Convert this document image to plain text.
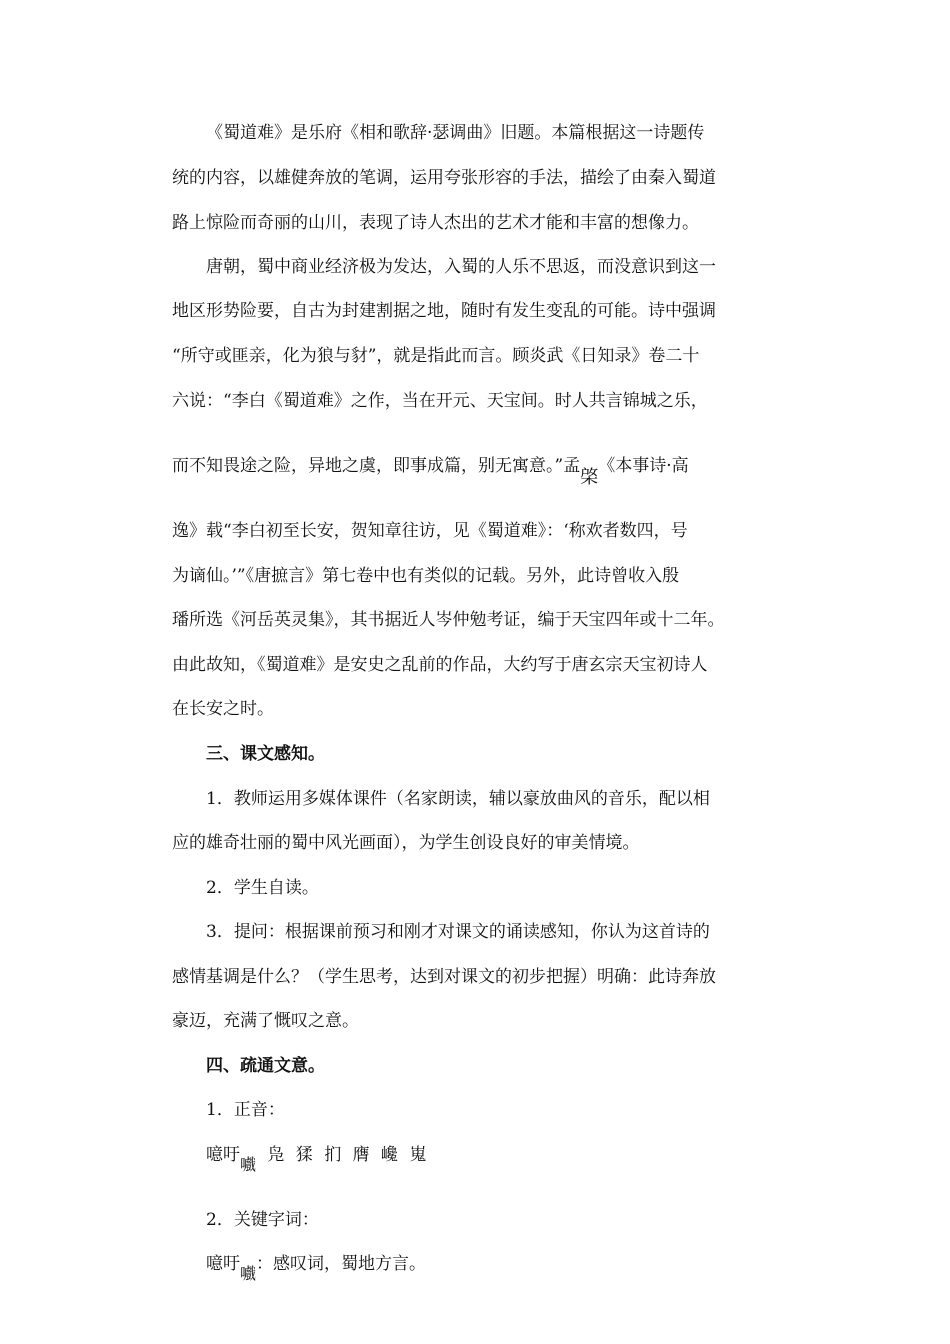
《蜀道难》是乐府《相和歌辞·瑟调曲》旧题。本篇根据这一诗题传
统的内容，以雄健奔放的笔调，运用夸张形容的手法，描绘了由秦入蜀道
路上惊险而奇丽的山川，表现了诗人杰出的艺术才能和丰富的想像力。
唐朝，蜀中商业经济极为发达，入蜀的人乐不思返，而没意识到这一
地区形势险要，自古为封建割据之地，随时有发生变乱的可能。诗中强调
“所守或匪亲，化为狼与豺”，就是指此而言。顾炎武《日知录》卷二十
六说：“李白《蜀道难》之作，当在开元、天宝间。时人共言锦城之乐，
而不知畏途之险，异地之虞，即事成篇，别无寓意。”孟棨《本事诗·高
逸》载“李白初至长安，贺知章往访，见《蜀道难》：‘称欢者数四，号
为谪仙。’”《唐摭言》第七卷中也有类似的记载。另外，此诗曾收入殷
璠所选《河岳英灵集》，其书据近人岑仲勉考证，编于天宝四年或十二年。
由此故知，《蜀道难》是安史之乱前的作品，大约写于唐玄宗天宝初诗人
在长安之时。
三、课文感知。
1．教师运用多媒体课件（名家朗读，辅以豪放曲风的音乐，配以相
应的雄奇壮丽的蜀中风光画面），为学生创设良好的审美情境。
2．学生自读。
3．提问：根据课前预习和刚才对课文的诵读感知，你认为这首诗的
感情基调是什么？（学生思考，达到对课文的初步把握）明确：此诗奔放
豪迈，充满了慨叹之意。
四、疏通文意。
1．正音：
噫吁嚱 凫 猱 扪 膺 巉 嵬
2．关键字词：
噫吁嚱：感叹词，蜀地方言。
